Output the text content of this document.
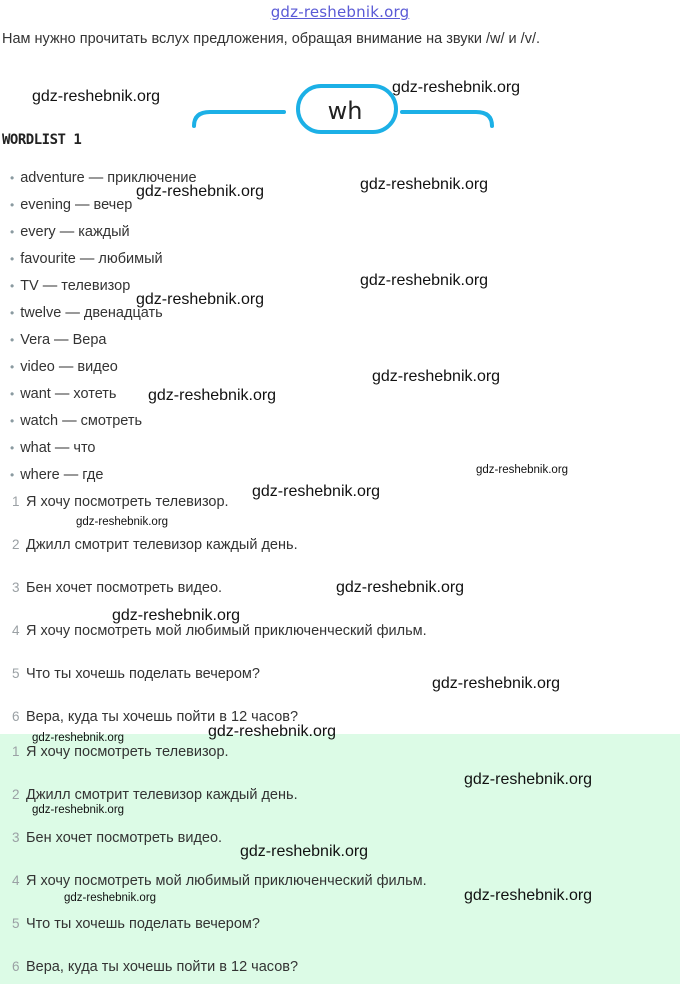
gdz-reshebnik.org
Нам нужно прочитать вслух предложения, обращая внимание на звуки /w/ и /v/.
wh
WORDLIST 1
• adventure — приключение
• evening — вечер
• every — каждый
• favourite — любимый
• TV — телевизор
• twelve — двенадцать
• Vera — Вера
• video — видео
• want — хотеть
• watch — смотреть
• what — что
• where — где
1 Я хочу посмотреть телевизор.
2 Джилл смотрит телевизор каждый день.
3 Бен хочет посмотреть видео.
4 Я хочу посмотреть мой любимый приключенческий фильм.
5 Что ты хочешь поделать вечером?
6 Вера, куда ты хочешь пойти в 12 часов?
1 Я хочу посмотреть телевизор.
2 Джилл смотрит телевизор каждый день.
3 Бен хочет посмотреть видео.
4 Я хочу посмотреть мой любимый приключенческий фильм.
5 Что ты хочешь поделать вечером?
6 Вера, куда ты хочешь пойти в 12 часов?
gdz-reshebnik.org
gdz-reshebnik.org
gdz-reshebnik.org	gdz-reshebnik.org
gdz-reshebnik.org
gdz-reshebnik.org
gdz-reshebnik.org
gdz-reshebnik.org
gdz-reshebnik.org
gdz-reshebnik.org
gdz-reshebnik.org
gdz-reshebnik.org
gdz-reshebnik.org
gdz-reshebnik.org
gdz-reshebnik.org
gdz-reshebnik.org
gdz-reshebnik.org
gdz-reshebnik.org
gdz-reshebnik.org
gdz-reshebnik.org	gdz-reshebnik.org
